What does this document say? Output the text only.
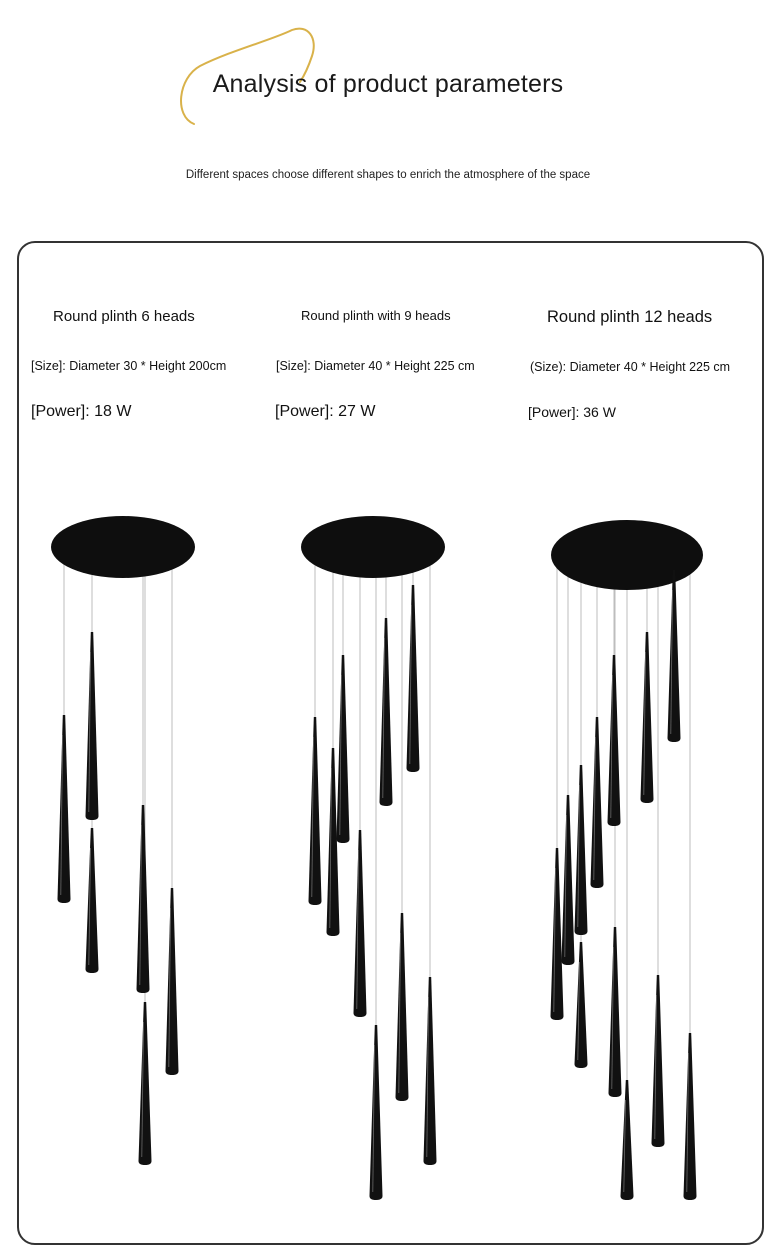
Analysis of product parameters
Different spaces choose different shapes to enrich the atmosphere of the space
Round plinth 6 heads
[Size]: Diameter 30 * Height 200cm
[Power]: 18 W
Round plinth with 9 heads
[Size]: Diameter 40 * Height 225 cm
[Power]: 27 W
Round plinth 12 heads
(Size): Diameter 40 * Height 225 cm
[Power]: 36 W
